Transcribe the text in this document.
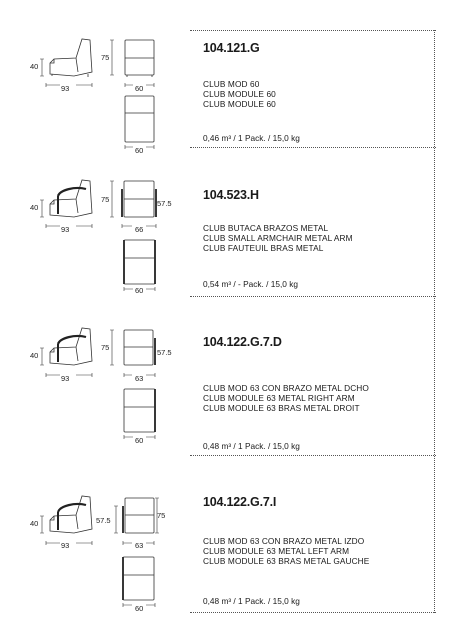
104.121.G
CLUB MOD 60
CLUB MODULE 60
CLUB MODULE 60
0,46 m³ / 1 Pack. / 15,0 kg
40
93
75
60
60
104.523.H
CLUB BUTACA BRAZOS METAL
CLUB SMALL ARMCHAIR METAL ARM
CLUB FAUTEUIL BRAS METAL
0,54 m³ / - Pack. / 15,0 kg
40
93
75	57.5
66
60
104.122.G.7.D
CLUB MOD 63 CON BRAZO METAL DCHO
CLUB MODULE 63 METAL RIGHT ARM
CLUB MODULE 63 BRAS METAL DROIT
0,48 m³ / 1 Pack. / 15,0 kg
40
93
75
57.5
63
60
104.122.G.7.I
CLUB MOD 63 CON BRAZO METAL IZDO
CLUB MODULE 63 METAL LEFT ARM
CLUB MODULE 63 BRAS METAL GAUCHE
0,48 m³ / 1 Pack. / 15,0 kg
40
93
57.5
75
63
60
